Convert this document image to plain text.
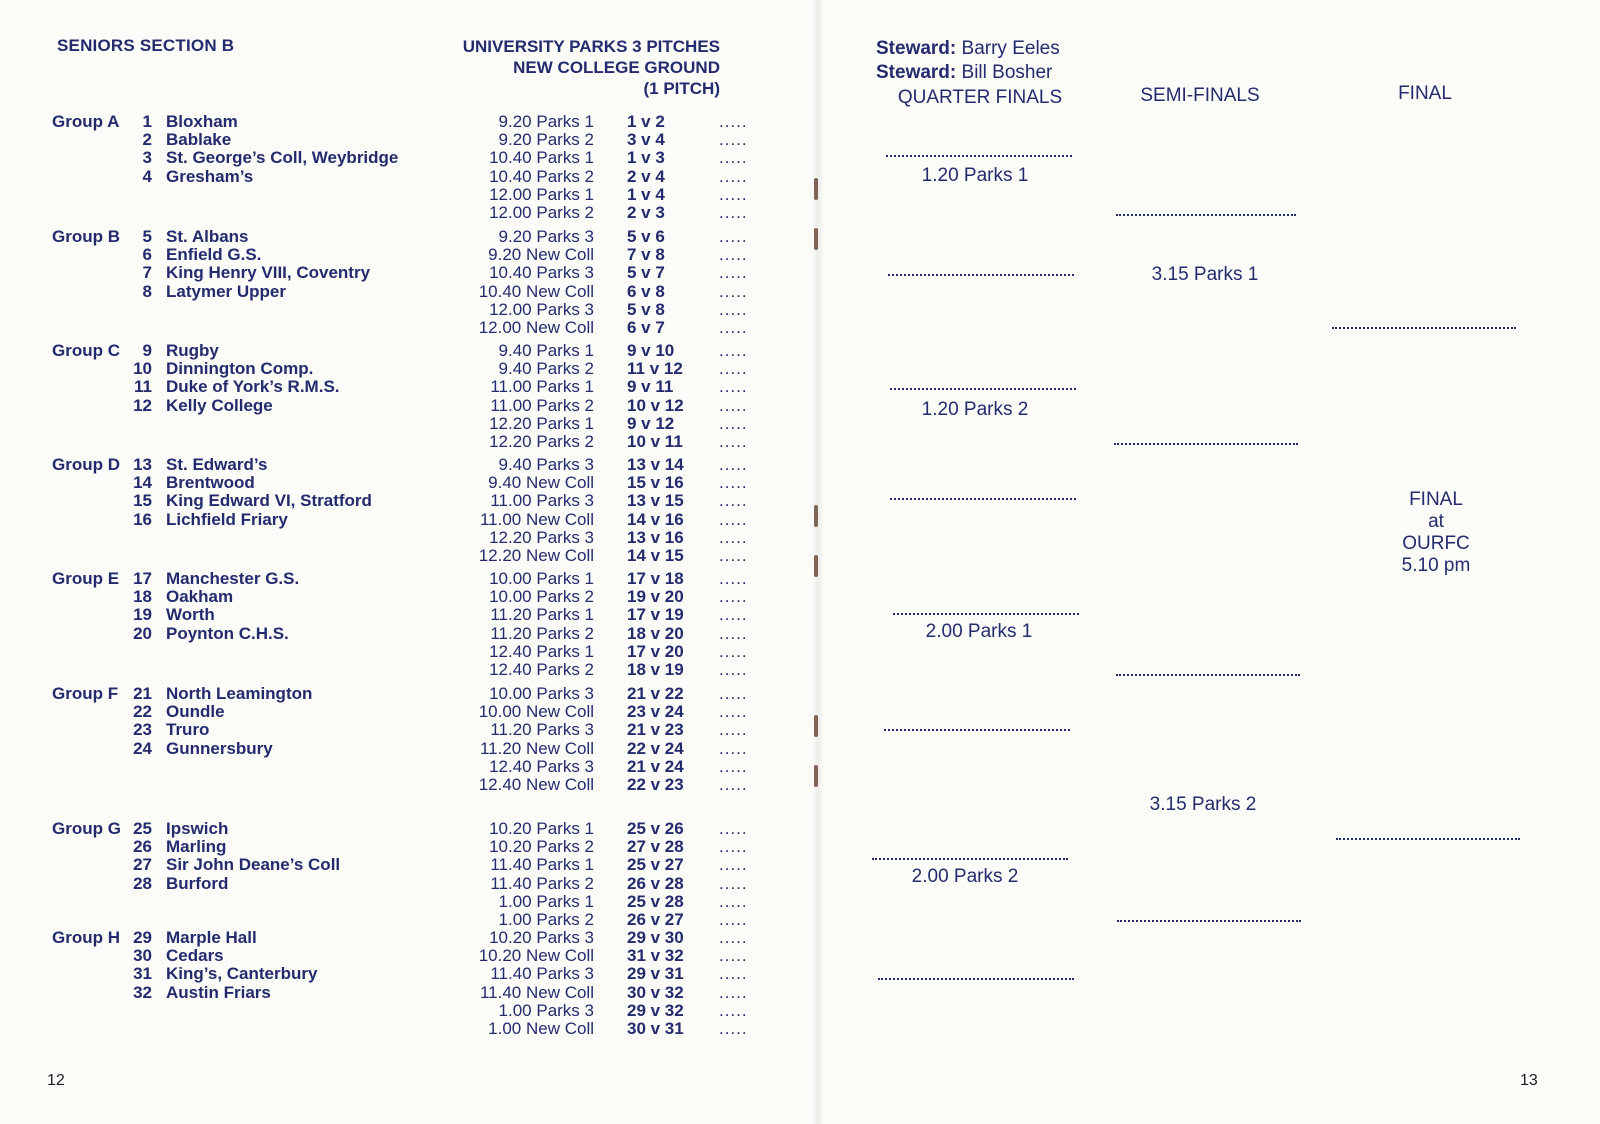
SENIORS SECTION B	UNIVERSITY PARKS 3 PITCHES
NEW COLLEGE GROUND
(1 PITCH)
Group A	1 Bloxham
2 Bablake
3 St. George’s Coll, Weybridge
4 Gresham’s
9.20 Parks 1	1 v 2	.....
9.20 Parks 2	3 v 4	.....
10.40 Parks 1	1 v 3	.....
10.40 Parks 2	2 v 4	.....
12.00 Parks 1	1 v 4	.....
12.00 Parks 2	2 v 3	.....
Group B	5 St. Albans
6 Enfield G.S.
7 King Henry VIII, Coventry
8 Latymer Upper
9.20 Parks 3	5 v 6	.....
9.20 New Coll	7 v 8	.....
10.40 Parks 3	5 v 7	.....
10.40 New Coll	6 v 8	.....
12.00 Parks 3	5 v 8	.....
12.00 New Coll	6 v 7	.....
Group C	9 Rugby
10 Dinnington Comp.
11 Duke of York’s R.M.S.
12 Kelly College
9.40 Parks 1	9 v 10	.....
9.40 Parks 2	11 v 12	.....
11.00 Parks 1	9 v 11	.....
11.00 Parks 2	10 v 12	.....
12.20 Parks 1	9 v 12	.....
12.20 Parks 2	10 v 11	.....
Group D 13 St. Edward’s
14 Brentwood
15 King Edward VI, Stratford
16 Lichfield Friary
9.40 Parks 3	13 v 14	.....
9.40 New Coll	15 v 16	.....
11.00 Parks 3	13 v 15	.....
11.00 New Coll	14 v 16	.....
12.20 Parks 3	13 v 16	.....
12.20 New Coll	14 v 15	.....
Group E 17 Manchester G.S.
18 Oakham
19 Worth
20 Poynton C.H.S.
10.00 Parks 1	17 v 18	.....
10.00 Parks 2	19 v 20	.....
11.20 Parks 1	17 v 19	.....
11.20 Parks 2	18 v 20	.....
12.40 Parks 1	17 v 20	.....
12.40 Parks 2	18 v 19	.....
Group F 21 North Leamington
22 Oundle
23 Truro
24 Gunnersbury
10.00 Parks 3	21 v 22	.....
10.00 New Coll	23 v 24	.....
11.20 Parks 3	21 v 23	.....
11.20 New Coll	22 v 24	.....
12.40 Parks 3	21 v 24	.....
12.40 New Coll	22 v 23	.....
Group G 25 Ipswich
26 Marling
27 Sir John Deane’s Coll
28 Burford
10.20 Parks 1	25 v 26	.....
10.20 Parks 2	27 v 28	.....
11.40 Parks 1	25 v 27	.....
11.40 Parks 2	26 v 28	.....
1.00 Parks 1	25 v 28	.....
1.00 Parks 2	26 v 27	.....
Group H 29 Marple Hall
30 Cedars
31 King’s, Canterbury
32 Austin Friars
10.20 Parks 3	29 v 30	.....
10.20 New Coll	31 v 32	.....
11.40 Parks 3	29 v 31	.....
11.40 New Coll	30 v 32	.....
1.00 Parks 3	29 v 32	.....
1.00 New Coll	30 v 31	.....
12
Steward: Barry Eeles
Steward: Bill Bosher
QUARTER FINALS	SEMI-FINALS	FINAL
1.20 Parks 1
1.20 Parks 2
2.00 Parks 1
2.00 Parks 2
3.15 Parks 1
3.15 Parks 2
FINAL
at
OURFC
5.10 pm
13
